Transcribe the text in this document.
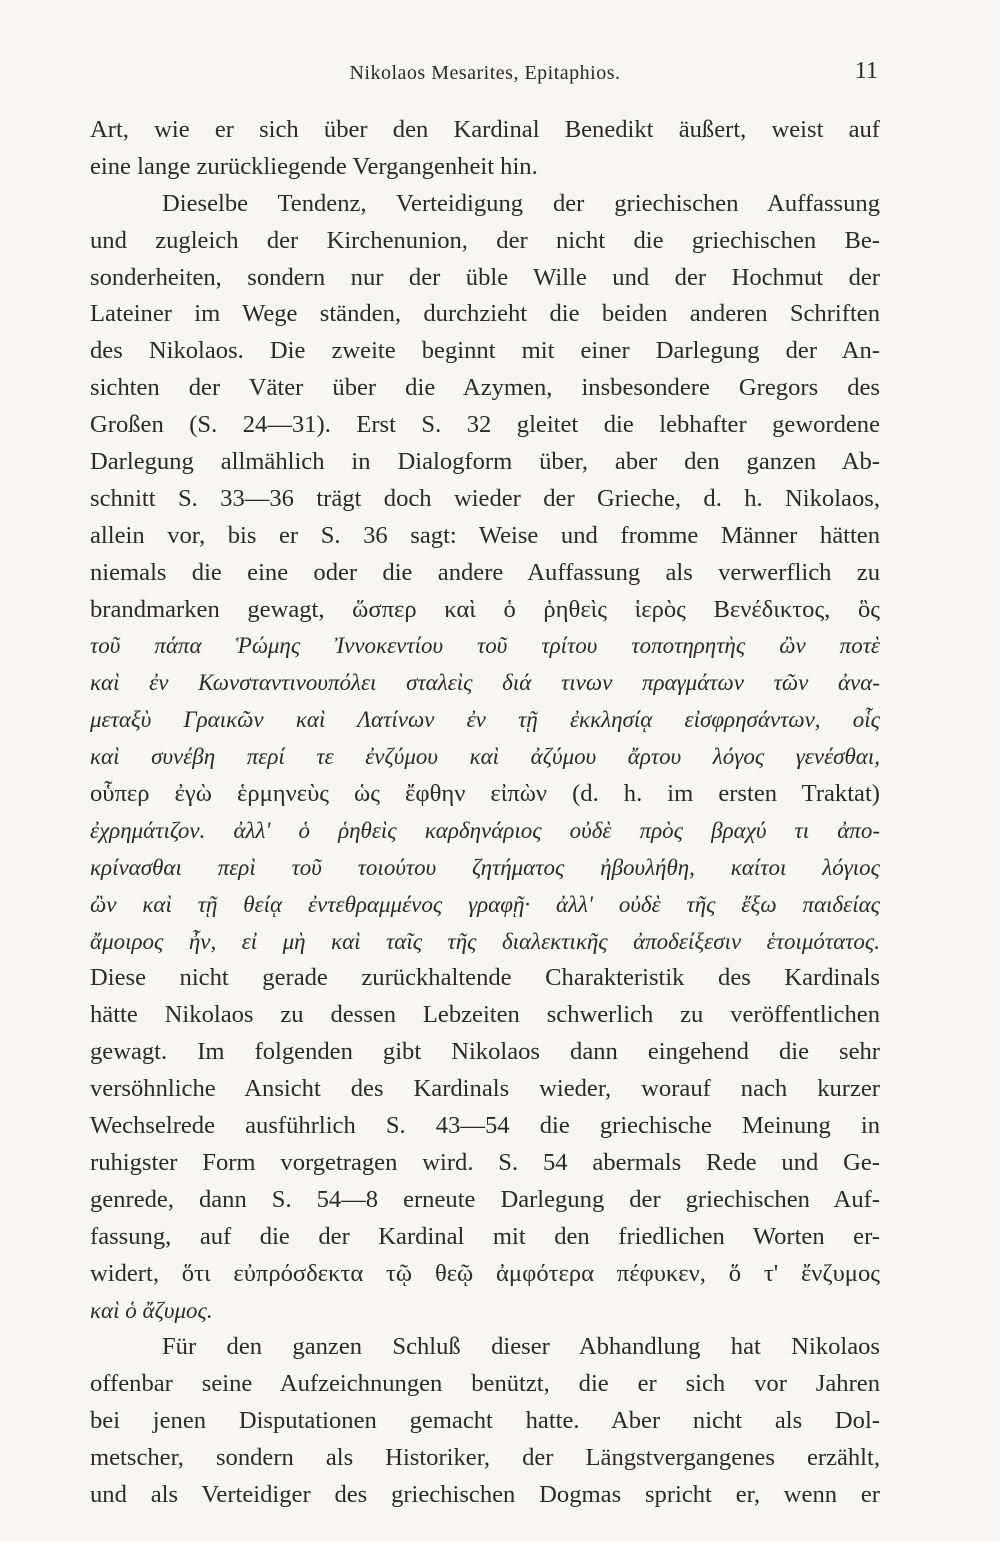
Nikolaos Mesarites, Epitaphios.	11
Art, wie er sich über den Kardinal Benedikt äußert, weist auf
eine lange zurückliegende Vergangenheit hin.
Dieselbe Tendenz, Verteidigung der griechischen Auffassung
und zugleich der Kirchenunion, der nicht die griechischen Be-
sonderheiten, sondern nur der üble Wille und der Hochmut der
Lateiner im Wege ständen, durchzieht die beiden anderen Schriften
des Nikolaos. Die zweite beginnt mit einer Darlegung der An-
sichten der Väter über die Azymen, insbesondere Gregors des
Großen (S. 24—31). Erst S. 32 gleitet die lebhafter gewordene
Darlegung allmählich in Dialogform über, aber den ganzen Ab-
schnitt S. 33—36 trägt doch wieder der Grieche, d. h. Nikolaos,
allein vor, bis er S. 36 sagt: Weise und fromme Männer hätten
niemals die eine oder die andere Auffassung als verwerflich zu
brandmarken gewagt, ὥσπερ καὶ ὁ ῥηθεὶς ἱερὸς Βενέδικτος, ὃς
τοῦ πάπα Ῥώμης Ἰννοκεντίου τοῦ τρίτου τοποτηρητὴς ὢν ποτὲ
καὶ ἐν Κωνσταντινουπόλει σταλεὶς διά τινων πραγμάτων τῶν ἀνα-
μεταξὺ Γραικῶν καὶ Λατίνων ἐν τῇ ἐκκλησίᾳ εἰσφρησάντων, οἷς
καὶ συνέβη περί τε ἐνζύμου καὶ ἀζύμου ἄρτου λόγος γενέσθαι,
οὗπερ ἐγὼ ἑρμηνεὺς ὡς ἔφθην εἰπὼν (d. h. im ersten Traktat)
ἐχρημάτιζον. ἀλλ' ὁ ῥηθεὶς καρδηνάριος οὐδὲ πρὸς βραχύ τι ἀπο-
κρίνασθαι περὶ τοῦ τοιούτου ζητήματος ἠβουλήθη, καίτοι λόγιος
ὢν καὶ τῇ θείᾳ ἐντεθραμμένος γραφῇ· ἀλλ' οὐδὲ τῆς ἔξω παιδείας
ἄμοιρος ἦν, εἰ μὴ καὶ ταῖς τῆς διαλεκτικῆς ἀποδείξεσιν ἑτοιμότατος.
Diese nicht gerade zurückhaltende Charakteristik des Kardinals
hätte Nikolaos zu dessen Lebzeiten schwerlich zu veröffentlichen
gewagt. Im folgenden gibt Nikolaos dann eingehend die sehr
versöhnliche Ansicht des Kardinals wieder, worauf nach kurzer
Wechselrede ausführlich S. 43—54 die griechische Meinung in
ruhigster Form vorgetragen wird. S. 54 abermals Rede und Ge-
genrede, dann S. 54—8 erneute Darlegung der griechischen Auf-
fassung, auf die der Kardinal mit den friedlichen Worten er-
widert, ὅτι εὐπρόσδεκτα τῷ θεῷ ἀμφότερα πέφυκεν, ὅ τ' ἔνζυμος
καὶ ὁ ἄζυμος.
Für den ganzen Schluß dieser Abhandlung hat Nikolaos
offenbar seine Aufzeichnungen benützt, die er sich vor Jahren
bei jenen Disputationen gemacht hatte. Aber nicht als Dol-
metscher, sondern als Historiker, der Längstvergangenes erzählt,
und als Verteidiger des griechischen Dogmas spricht er, wenn er
